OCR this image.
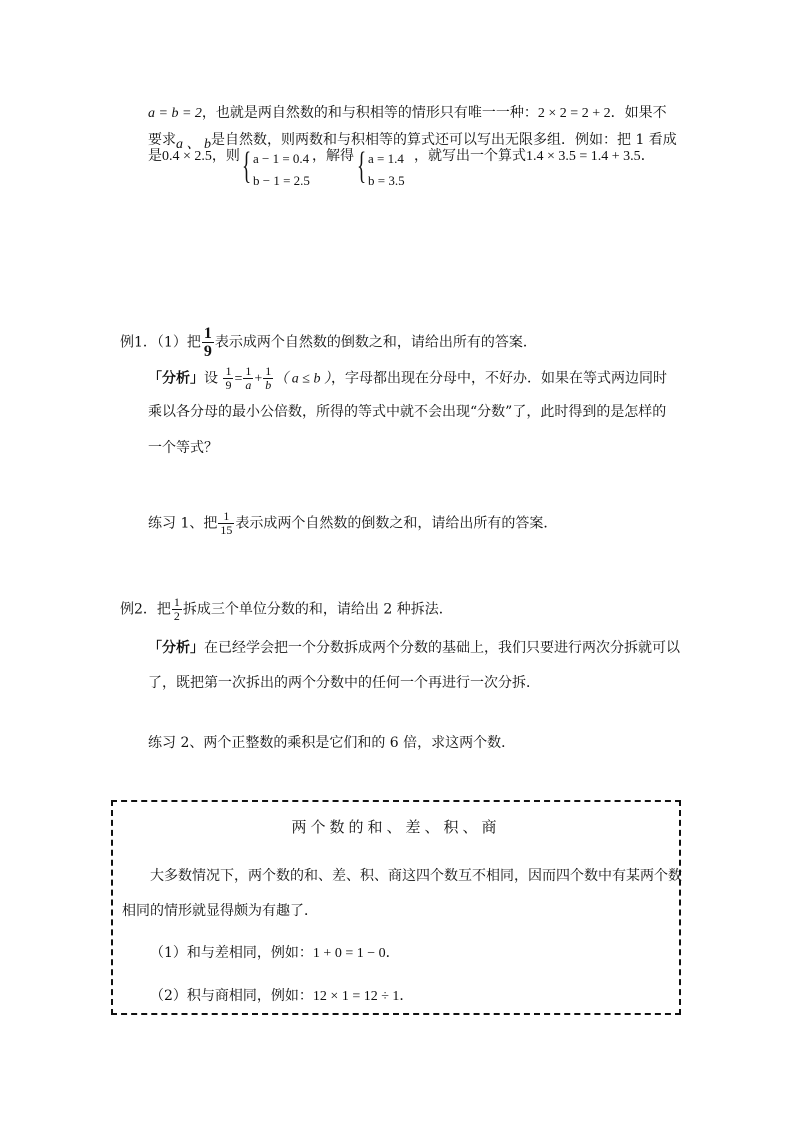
a = b = 2，也就是两自然数的和与积相等的情形只有唯一一种：2 × 2 = 2 + 2．如果不
要求a 、 b是自然数，则两数和与积相等的算式还可以写出无限多组．例如：把 1 看成
是0.4 × 2.5，则 { a − 1 = 0.4
b − 1 = 2.5
，解得 { a = 1.4
b = 3.5
，就写出一个算式1.4 × 3.5 = 1.4 + 3.5．
例1．（1）把 $\frac{1}{9}$ 表示成两个自然数的倒数之和，请给出所有的答案．
「分析」设 $\frac{1}{9} = \frac{1}{a} + \frac{1}{b}$ （ a ≤ b ），字母都出现在分母中，不好办．如果在等式两边同时
乘以各分母的最小公倍数，所得的等式中就不会出现“分数”了，此时得到的是怎样的
一个等式？
练习 1、把 $\frac{1}{15}$ 表示成两个自然数的倒数之和，请给出所有的答案．
例2．把 $\frac{1}{2}$ 拆成三个单位分数的和，请给出 2 种拆法．
「分析」在已经学会把一个分数拆成两个分数的基础上，我们只要进行两次分拆就可以
了，既把第一次拆出的两个分数中的任何一个再进行一次分拆．
练习 2、两个正整数的乘积是它们和的 6 倍，求这两个数．
两个数的和、差、积、商
大多数情况下，两个数的和、差、积、商这四个数互不相同，因而四个数中有某两个数
相同的情形就显得颇为有趣了．
（1）和与差相同，例如：1 + 0 = 1 − 0．
（2）积与商相同，例如：12 × 1 = 12 ÷ 1．
